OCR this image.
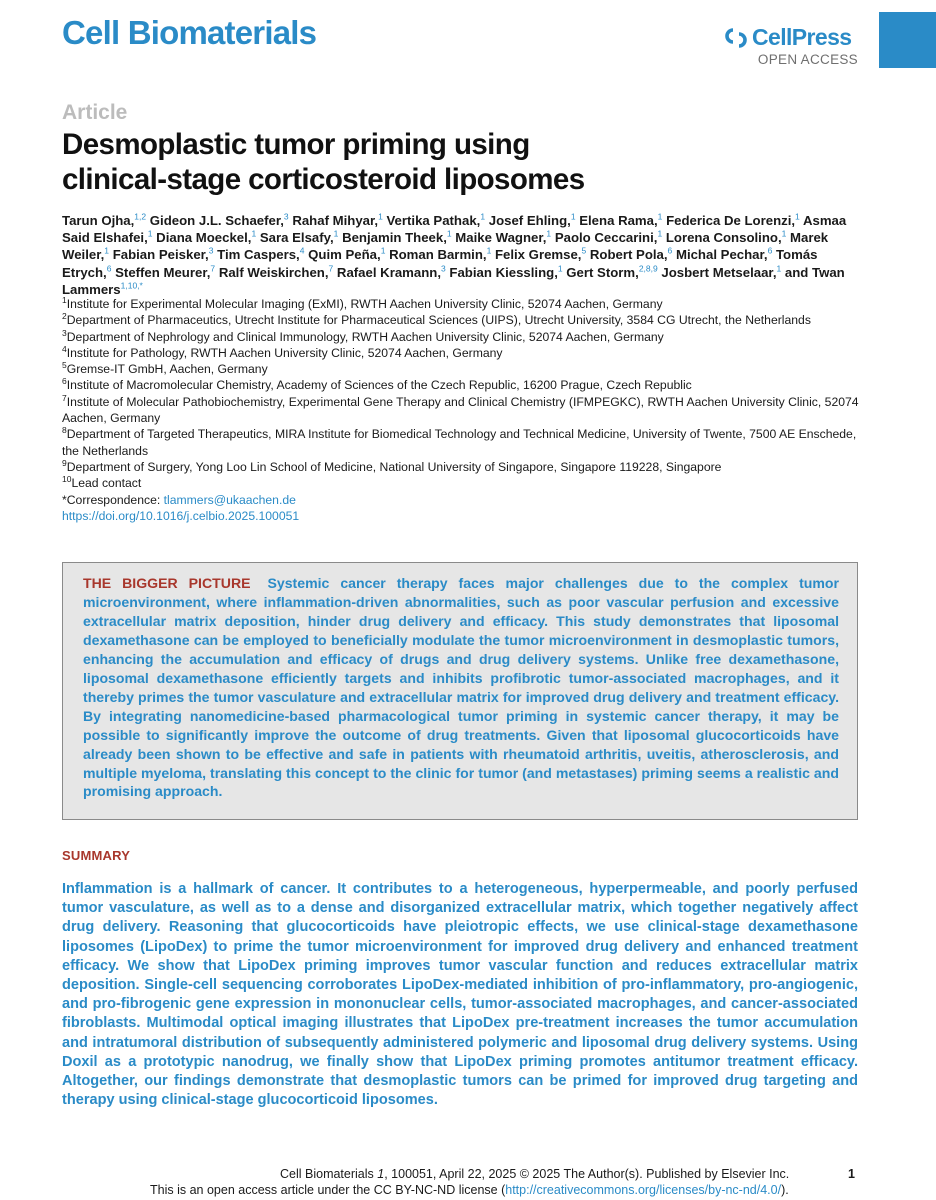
Cell Biomaterials	CellPress
OPEN ACCESS
Article
Desmoplastic tumor priming using
clinical-stage corticosteroid liposomes
Tarun Ojha,$^{1,2}$ Gideon J.L. Schaefer,$^3$ Rahaf Mihyar,$^1$ Vertika Pathak,$^1$ Josef Ehling,$^1$ Elena Rama,$^1$ Federica De Lorenzi,$^1$ Asmaa Said Elshafei,$^1$ Diana Moeckel,$^1$ Sara Elsafy,$^1$ Benjamin Theek,$^1$ Maike Wagner,$^1$ Paolo Ceccarini,$^1$ Lorena Consolino,$^1$ Marek Weiler,$^1$ Fabian Peisker,$^3$ Tim Caspers,$^4$ Quim Peña,$^1$ Roman Barmin,$^1$ Felix Gremse,$^5$ Robert Pola,$^6$ Michal Pechar,$^6$ Tomás Etrych,$^6$ Steffen Meurer,$^7$ Ralf Weiskirchen,$^7$ Rafael Kramann,$^3$ Fabian Kiessling,$^1$ Gert Storm,$^{2,8,9}$ Josbert Metselaar,$^1$ and Twan Lammers$^{1,10,*}$
$^1$Institute for Experimental Molecular Imaging (ExMI), RWTH Aachen University Clinic, 52074 Aachen, Germany
$^2$Department of Pharmaceutics, Utrecht Institute for Pharmaceutical Sciences (UIPS), Utrecht University, 3584 CG Utrecht, the Netherlands
$^3$Department of Nephrology and Clinical Immunology, RWTH Aachen University Clinic, 52074 Aachen, Germany
$^4$Institute for Pathology, RWTH Aachen University Clinic, 52074 Aachen, Germany
$^5$Gremse-IT GmbH, Aachen, Germany
$^6$Institute of Macromolecular Chemistry, Academy of Sciences of the Czech Republic, 16200 Prague, Czech Republic
$^7$Institute of Molecular Pathobiochemistry, Experimental Gene Therapy and Clinical Chemistry (IFMPEGKC), RWTH Aachen University Clinic, 52074 Aachen, Germany
$^8$Department of Targeted Therapeutics, MIRA Institute for Biomedical Technology and Technical Medicine, University of Twente, 7500 AE Enschede, the Netherlands
$^9$Department of Surgery, Yong Loo Lin School of Medicine, National University of Singapore, Singapore 119228, Singapore
$^{10}$Lead contact
*Correspondence: tlammers@ukaachen.de
https://doi.org/10.1016/j.celbio.2025.100051
THE BIGGER PICTURE Systemic cancer therapy faces major challenges due to the complex tumor microenvironment, where inflammation-driven abnormalities, such as poor vascular perfusion and excessive extracellular matrix deposition, hinder drug delivery and efficacy. This study demonstrates that liposomal dexamethasone can be employed to beneficially modulate the tumor microenvironment in desmoplastic tumors, enhancing the accumulation and efficacy of drugs and drug delivery systems. Unlike free dexamethasone, liposomal dexamethasone efficiently targets and inhibits profibrotic tumor-associated macrophages, and it thereby primes the tumor vasculature and extracellular matrix for improved drug delivery and treatment efficacy. By integrating nanomedicine-based pharmacological tumor priming in systemic cancer therapy, it may be possible to significantly improve the outcome of drug treatments. Given that liposomal glucocorticoids have already been shown to be effective and safe in patients with rheumatoid arthritis, uveitis, atherosclerosis, and multiple myeloma, translating this concept to the clinic for tumor (and metastases) priming seems a realistic and promising approach.
SUMMARY
Inflammation is a hallmark of cancer. It contributes to a heterogeneous, hyperpermeable, and poorly perfused tumor vasculature, as well as to a dense and disorganized extracellular matrix, which together negatively affect drug delivery. Reasoning that glucocorticoids have pleiotropic effects, we use clinical-stage dexamethasone liposomes (LipoDex) to prime the tumor microenvironment for improved drug delivery and enhanced treatment efficacy. We show that LipoDex priming improves tumor vascular function and reduces extracellular matrix deposition. Single-cell sequencing corroborates LipoDex-mediated inhibition of pro-inflammatory, pro-angiogenic, and pro-fibrogenic gene expression in mononuclear cells, tumor-associated macrophages, and cancer-associated fibroblasts. Multimodal optical imaging illustrates that LipoDex pre-treatment increases the tumor accumulation and intratumoral distribution of subsequently administered polymeric and liposomal drug delivery systems. Using Doxil as a prototypic nanodrug, we finally show that LipoDex priming promotes antitumor treatment efficacy. Altogether, our findings demonstrate that desmoplastic tumors can be primed for improved drug targeting and therapy using clinical-stage glucocorticoid liposomes.
Cell Biomaterials 1, 100051, April 22, 2025 © 2025 The Author(s). Published by Elsevier Inc.	1
This is an open access article under the CC BY-NC-ND license (http://creativecommons.org/licenses/by-nc-nd/4.0/).
